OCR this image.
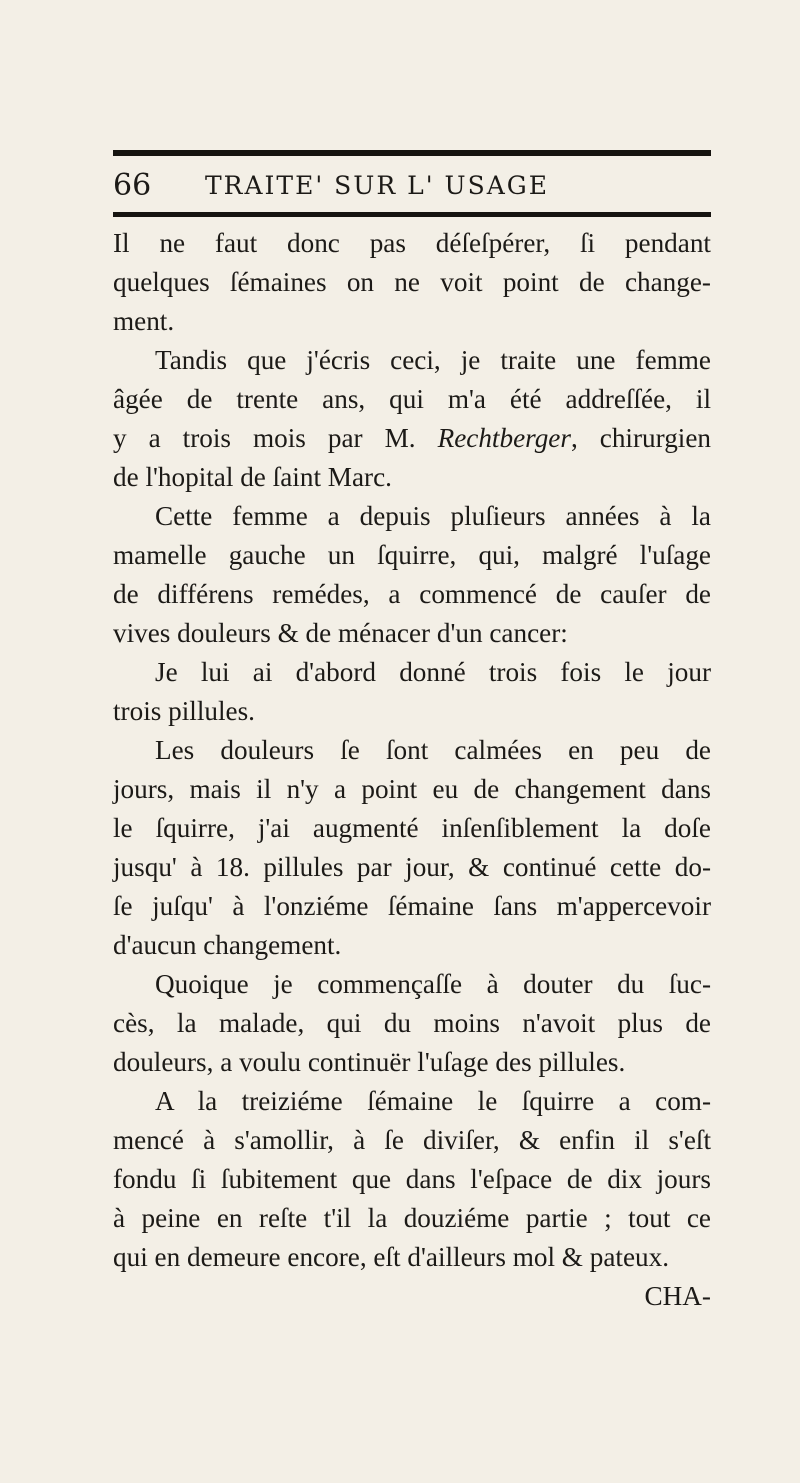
66 TRAITE' SUR L' USAGE
Il ne faut donc pas déſeſpérer, ſi pendant
quelques ſémaines on ne voit point de change-
ment.
Tandis que j'écris ceci, je traite une femme
âgée de trente ans, qui m'a été addreſſée, il
y a trois mois par M. Rechtberger, chirurgien
de l'hopital de ſaint Marc.
Cette femme a depuis pluſieurs années à la
mamelle gauche un ſquirre, qui, malgré l'uſage
de différens remédes, a commencé de cauſer de
vives douleurs & de ménacer d'un cancer:
Je lui ai d'abord donné trois fois le jour
trois pillules.
Les douleurs ſe ſont calmées en peu de
jours, mais il n'y a point eu de changement dans
le ſquirre, j'ai augmenté inſenſiblement la doſe
jusqu' à 18. pillules par jour, & continué cette do-
ſe juſqu' à l'onziéme ſémaine ſans m'appercevoir
d'aucun changement.
Quoique je commençaſſe à douter du ſuc-
cès, la malade, qui du moins n'avoit plus de
douleurs, a voulu continuër l'uſage des pillules.
A la treiziéme ſémaine le ſquirre a com-
mencé à s'amollir, à ſe diviſer, & enfin il s'eſt
fondu ſi ſubitement que dans l'eſpace de dix jours
à peine en reſte t'il la douziéme partie ; tout ce
qui en demeure encore, eſt d'ailleurs mol & pateux.
CHA-
